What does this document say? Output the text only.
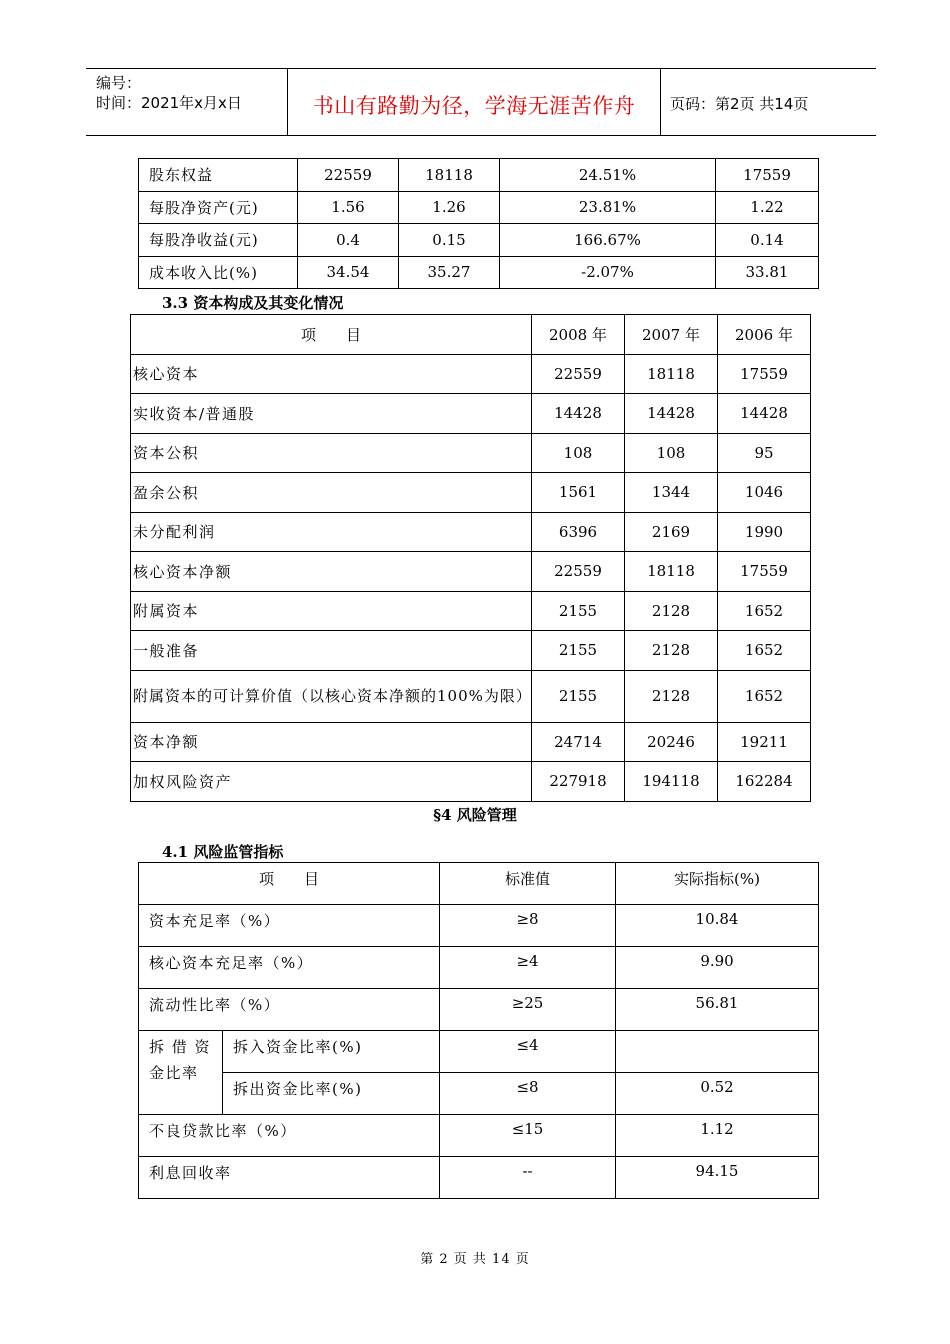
编号：
时间：2021年x月x日	书山有路勤为径，学海无涯苦作舟	页码：第2页 共14页
股东权益	22559	18118	24.51%	17559
每股净资产(元)	1.56	1.26	23.81%	1.22
每股净收益(元)	0.4	0.15	166.67%	0.14
成本收入比(%)	34.54	35.27	-2.07%	33.81
3.3 资本构成及其变化情况
项　　目	2008 年	2007 年	2006 年
核心资本	22559	18118	17559
实收资本/普通股	14428	14428	14428
资本公积	108	108	95
盈余公积	1561	1344	1046
未分配利润	6396	2169	1990
核心资本净额	22559	18118	17559
附属资本	2155	2128	1652
一般准备	2155	2128	1652
附属资本的可计算价值（以核心资本净额的100%为限）	2155	2128	1652
资本净额	24714	20246	19211
加权风险资产	227918	194118	162284
§4 风险管理
4.1 风险监管指标
项　　目		标准值	实际指标(%)
资本充足率（%）		≥8	10.84
核心资本充足率（%）		≥4	9.90
流动性比率（%）		≥25	56.81
拆 借 资金比率	拆入资金比率(%)	≤4	
	拆出资金比率(%)	≤8	0.52
不良贷款比率（%）		≤15	1.12
利息回收率		--	94.15
第 2 页 共 14 页
